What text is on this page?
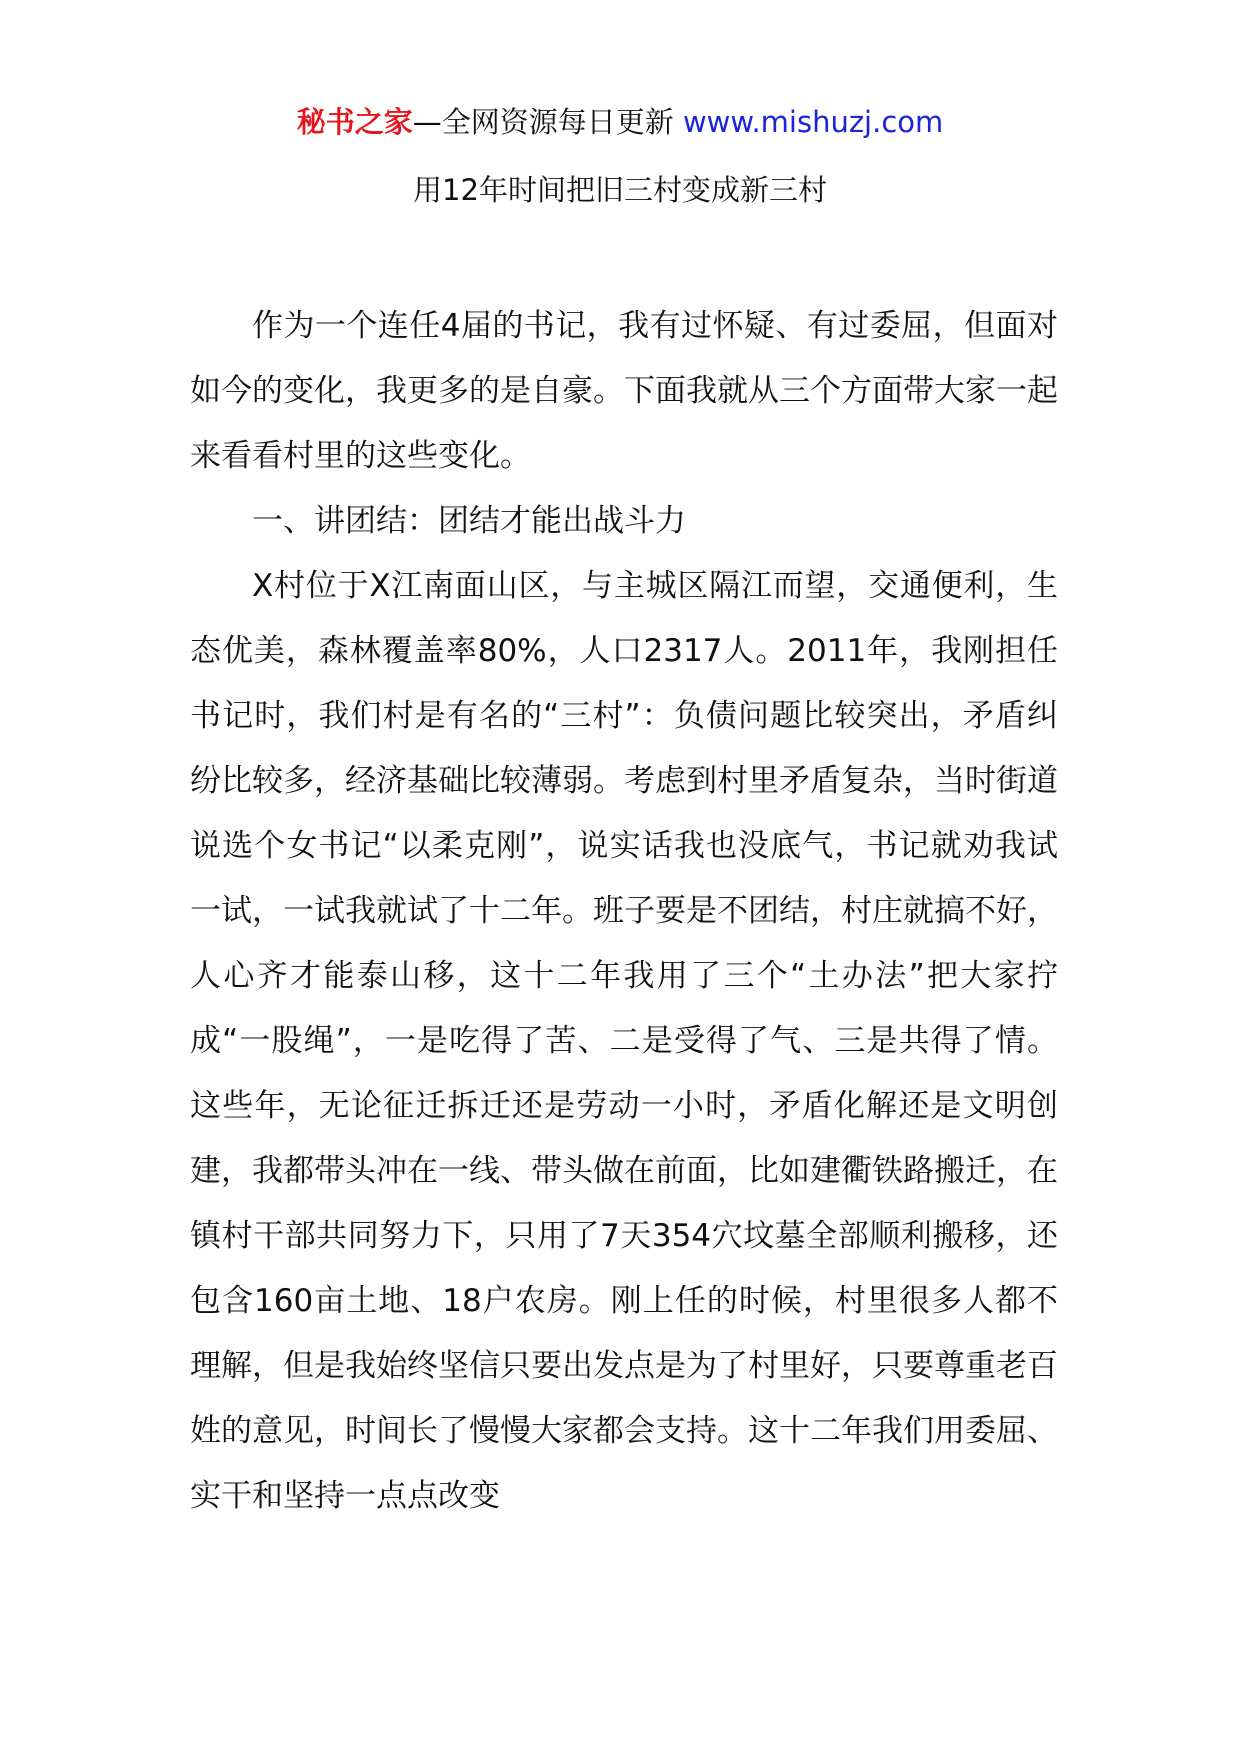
秘书之家—全网资源每日更新 www.mishuzj.com
用12年时间把旧三村变成新三村

作为一个连任4届的书记，我有过怀疑、有过委屈，但面对如今的变化，我更多的是自豪。下面我就从三个方面带大家一起来看看村里的这些变化。

一、讲团结：团结才能出战斗力

X村位于X江南面山区，与主城区隔江而望，交通便利，生态优美，森林覆盖率80%，人口2317人。2011年，我刚担任书记时，我们村是有名的“三村”：负债问题比较突出，矛盾纠纷比较多，经济基础比较薄弱。考虑到村里矛盾复杂，当时街道说选个女书记“以柔克刚”，说实话我也没底气，书记就劝我试一试，一试我就试了十二年。班子要是不团结，村庄就搞不好，人心齐才能泰山移，这十二年我用了三个“土办法”把大家拧成“一股绳”，一是吃得了苦、二是受得了气、三是共得了情。这些年，无论征迁拆迁还是劳动一小时，矛盾化解还是文明创建，我都带头冲在一线、带头做在前面，比如建衢铁路搬迁，在镇村干部共同努力下，只用了7天354穴坟墓全部顺利搬移，还包含160亩土地、18户农房。刚上任的时候，村里很多人都不理解，但是我始终坚信只要出发点是为了村里好，只要尊重老百姓的意见，时间长了慢慢大家都会支持。这十二年我们用委屈、实干和坚持一点点改变
